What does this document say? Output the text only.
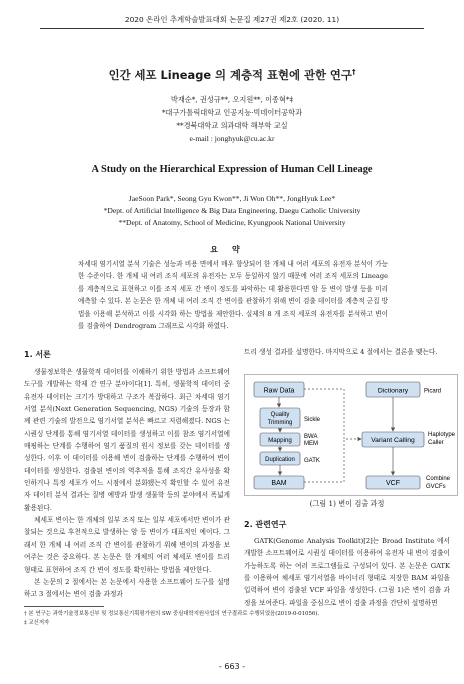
2020 온라인 추계학술발표대회 논문집 제27권 제2호 (2020. 11)
인간 세포 Lineage 의 계층적 표현에 관한 연구†
박재순*, 권성규**, 오지원**, 이종혁*‡
*대구가톨릭대학교 인공지능·빅데이터공학과
**경북대학교 의과대학 해부학 교실
e-mail : jonghyuk@cu.ac.kr
A Study on the Hierarchical Expression of Human Cell Lineage
JaeSoon Park*, Seong Gyu Kwon**, Ji Won Oh**, JongHyuk Lee*
*Dept. of Artificial Intelligence & Big Data Engineering, Daegu Catholic University
**Dept. of Anatomy, School of Medicine, Kyungpook National University
요약
차세대 염기서열 분석 기술은 성능과 비용 면에서 매우 향상되어 한 개체 내 여러 세포의 유전자 분석이 가능한 수준이다. 한 개체 내 여러 조직 세포의 유전자는 모두 동일하지 않기 때문에 여러 조직 세포의 Lineage 를 계층적으로 표현하고 이를 조직 세포 간 변이 정도를 파악하는 데 활용한다면 암 등 변이 발생 등을 미리 예측할 수 있다. 본 논문은 한 개체 내 여러 조직 간 변이를 관찰하기 위해 변이 검출 데이터를 계층적 군집 방법을 이용해 분석하고 이를 시각화 하는 방법을 제안한다. 실제의 8 개 조직 세포의 유전자를 분석하고 변이를 검출하여 Dendrogram 그래프로 시각화 하였다.
1. 서론

생물정보학은 생물학적 데이터를 이해하기 위한 방법과 소프트웨어 도구를 개발하는 학제 간 연구 분야이다[1]. 특히, 생물학적 데이터 중 유전자 데이터는 크기가 방대하고 구조가 복잡하다. 최근 차세대 염기서열 분석(Next Generation Sequencing, NGS) 기술의 등장과 함께 관련 기술의 발전으로 염기서열 분석은 빠르고 저렴해졌다. NGS 는 시퀀싱 단계를 통해 염기서열 데이터를 생성하고 이를 참조 염기서열에 매핑하는 단계를 수행하여 염기 품질의 원시 정보를 갖는 데이터를 생성한다. 이후 이 데이터를 이용해 변이 검출하는 단계를 수행하여 변이 데이터를 생성한다. 검출된 변이의 역추적을 통해 조직간 유사성을 확인하거나 특정 세포가 어느 시점에서 분화됐는지 확인할 수 있어 유전자 데이터 분석 결과는 질병 예방과 발생 생물학 등의 분야에서 폭넓게 활용된다.

체세포 변이는 한 개체의 일부 조직 또는 일부 세포에서만 변이가 관찰되는 것으로 후천적으로 발생하는 암 등 변이가 대표적인 예이다. 그래서 한 개체 내 여러 조직 간 변이를 관찰하기 위해 변이의 과정을 보여주는 것은 중요하다. 본 논문은 한 개체의 여러 체세포 변이를 트리 형태로 표현하여 조직 간 변이 정도를 확인하는 방법을 제안한다.

본 논문의 2 절에서는 본 논문에서 사용한 소프트웨어 도구를 설명하고 3 절에서는 변이 검출 과정과

트리 생성 결과를 설명한다. 마지막으로 4 절에서는 결론을 맺는다.
Raw Data
Quality
Trimming Sickle
Mapping BWA
MEM
Duplication GATK
BAM
Dictionary	Picard
Variant Calling
Haplotype
Caller
VCF
Combine
GVCFs
(그림 1) 변이 검출 과정
2. 관련연구

GATK(Genome Analysis Toolkit)[2]는 Broad Institute 에서 개발한 소프트웨어로 시퀀싱 데이터를 이용하여 유전자 내 변이 검출이 가능하도록 하는 여러 프로그램들로 구성되어 있다. 본 논문은 GATK 를 이용하여 체세포 염기서열을 바이너리 형태로 저장한 BAM 파일을 입력하여 변이 검출된 VCF 파일을 생성한다. (그림 1)은 변이 검출 과정을 보여준다. 파일을 중심으로 변이 검출 과정을 간단히 설명하면

† 본 연구는 과학기술정보통신부 및 정보통신기획평가원의 SW 중심대학지원사업의 연구결과로 수행되었음(2019-0-01056).
‡ 교신저자
- 663 -
